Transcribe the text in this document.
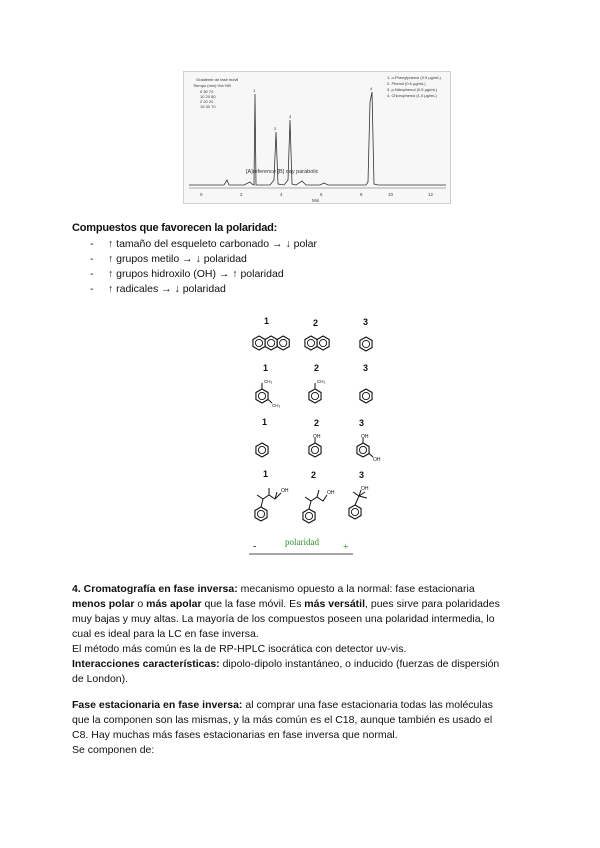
Gradiente de fase móvil
Tiempo (min) %A %B
0 30 70
10 20 80
2 20 20
15 30 70
1. o-Phenylphenol (0.5 µg/mL)
2. Phenol (0.6 µg/mL)
3. p-Nitrophenol (0.5 µg/mL)
4. Chlorophenol (1.0 µg/mL)
0	2	4	6	8	10	12
Min
1
2
3
4
[A]reference [B] day parabolic
Compuestos que favorecen la polaridad:
-	↑ tamaño del esqueleto carbonado → ↓ polar
-	↑ grupos metilo → ↓ polaridad
-	↑ grupos hidroxilo (OH) → ↑ polaridad
-	↑ radicales → ↓ polaridad
1	2	3
1	2	3
1	2	3
1	2	3
CH₃
CH₃
CH₃
OH	OH
OH
OH	OH
OH
-	polaridad +
4. Cromatografía en fase inversa: mecanismo opuesto a la normal: fase estacionaria
menos polar o más apolar que la fase móvil. Es más versátil, pues sirve para polaridades
muy bajas y muy altas. La mayoría de los compuestos poseen una polaridad intermedia, lo
cual es ideal para la LC en fase inversa.
El método más común es la de RP-HPLC isocrática con detector uv-vis.
Interacciones características: dipolo-dipolo instantáneo, o inducido (fuerzas de dispersión
de London).
Fase estacionaria en fase inversa: al comprar una fase estacionaria todas las moléculas
que la componen son las mismas, y la más común es el C18, aunque también es usado el
C8. Hay muchas más fases estacionarias en fase inversa que normal.
Se componen de:
